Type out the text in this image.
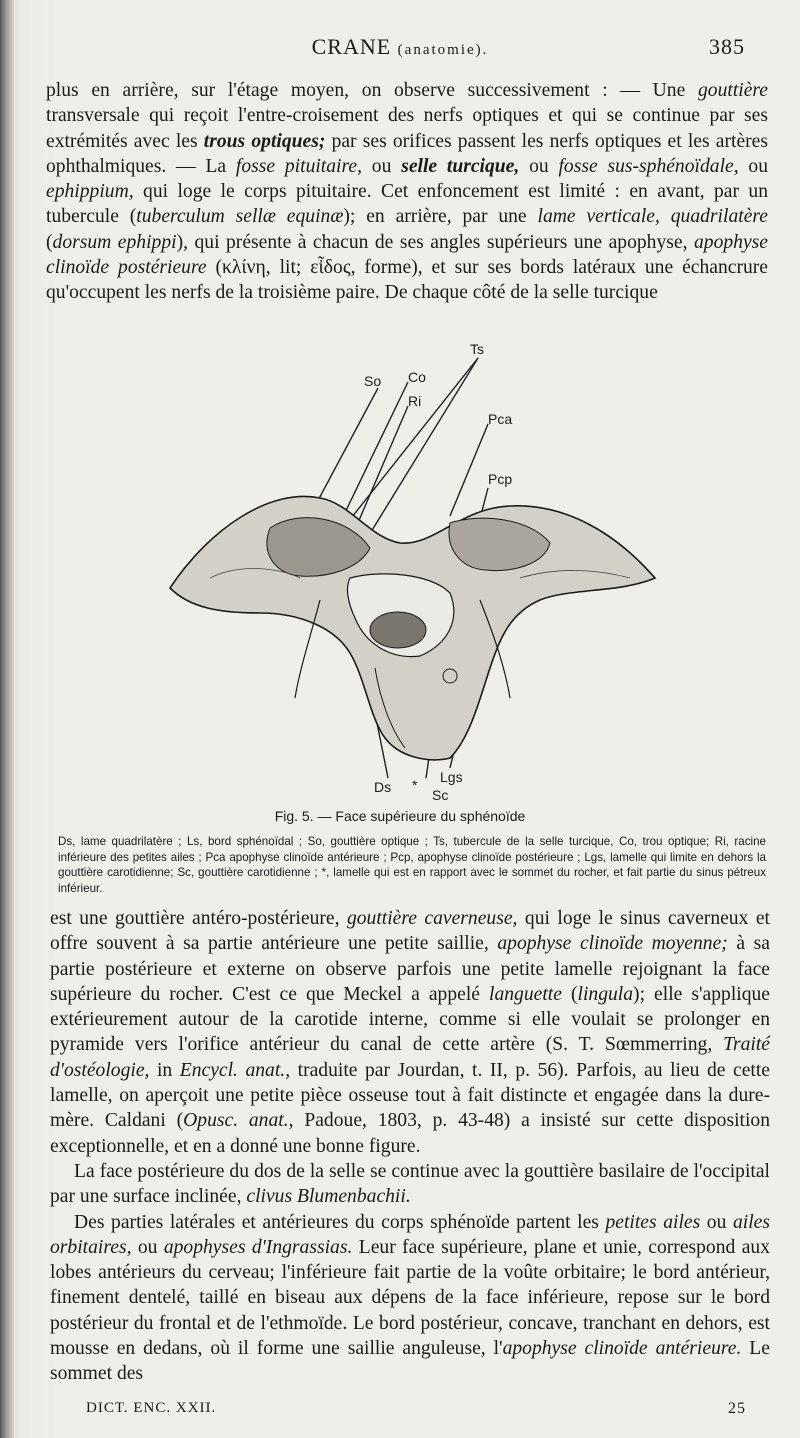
CRANE (anatomie).	385

plus en arrière, sur l'étage moyen, on observe successivement : — Une gouttière transversale qui reçoit l'entre-croisement des nerfs optiques et qui se continue par ses extrémités avec les trous optiques; par ses orifices passent les nerfs optiques et les artères ophthalmiques. — La fosse pituitaire, ou selle turcique, ou fosse sus-sphénoïdale, ou ephippium, qui loge le corps pituitaire. Cet enfoncement est limité : en avant, par un tubercule (tuberculum sellæ equinæ); en arrière, par une lame verticale, quadrilatère (dorsum ephippi), qui présente à chacun de ses angles supérieurs une apophyse, apophyse clinoïde postérieure (κλίνη, lit; εἶδος, forme), et sur ses bords latéraux une échancrure qu'occupent les nerfs de la troisième paire. De chaque côté de la selle turcique

Ts
So Co
Ri
Pca
Pcp
Ds
Lgs
Sc
*
Fig. 5. — Face supérieure du sphénoïde
Ds, lame quadrilatère ; Ls, bord sphénoïdal ; So, gouttière optique ; Ts, tubercule de la selle turcique, Co, trou optique; Ri, racine inférieure des petites ailes ; Pca apophyse clinoïde antérieure ; Pcp, apophyse clinoïde postérieure ; Lgs, lamelle qui limite en dehors la gouttière carotidienne; Sc, gouttière carotidienne ; *, lamelle qui est en rapport avec le sommet du rocher, et fait partie du sinus pétreux inférieur.

est une gouttière antéro-postérieure, gouttière caverneuse, qui loge le sinus caverneux et offre souvent à sa partie antérieure une petite saillie, apophyse clinoïde moyenne; à sa partie postérieure et externe on observe parfois une petite lamelle rejoignant la face supérieure du rocher. C'est ce que Meckel a appelé languette (lingula); elle s'applique extérieurement autour de la carotide interne, comme si elle voulait se prolonger en pyramide vers l'orifice antérieur du canal de cette artère (S. T. Sœmmerring, Traité d'ostéologie, in Encycl. anat., traduite par Jourdan, t. II, p. 56). Parfois, au lieu de cette lamelle, on aperçoit une petite pièce osseuse tout à fait distincte et engagée dans la dure-mère. Caldani (Opusc. anat., Padoue, 1803, p. 43-48) a insisté sur cette disposition exceptionnelle, et en a donné une bonne figure.

La face postérieure du dos de la selle se continue avec la gouttière basilaire de l'occipital par une surface inclinée, clivus Blumenbachii.

Des parties latérales et antérieures du corps sphénoïde partent les petites ailes ou ailes orbitaires, ou apophyses d'Ingrassias. Leur face supérieure, plane et unie, correspond aux lobes antérieurs du cerveau; l'inférieure fait partie de la voûte orbitaire; le bord antérieur, finement dentelé, taillé en biseau aux dépens de la face inférieure, repose sur le bord postérieur du frontal et de l'ethmoïde. Le bord postérieur, concave, tranchant en dehors, est mousse en dedans, où il forme une saillie anguleuse, l'apophyse clinoïde antérieure. Le sommet des

DICT. ENC. XXII.	25
